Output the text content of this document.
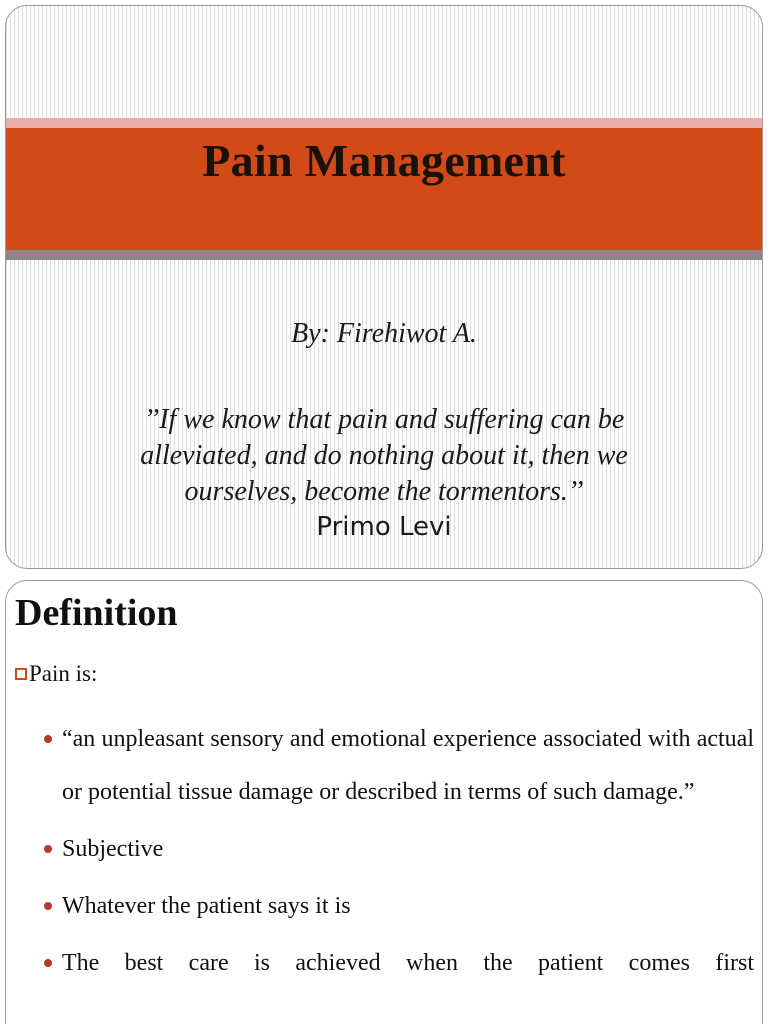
Pain Management
By: Firehiwot A.
’’If we know that pain and suffering can be alleviated, and do nothing about it, then we ourselves, become the tormentors.’’
Primo Levi
Definition
Pain is:
“an unpleasant sensory and emotional experience associated with actual or potential tissue damage or described in terms of such damage.”
Subjective
Whatever the patient says it is
The best care is achieved when the patient comes first
